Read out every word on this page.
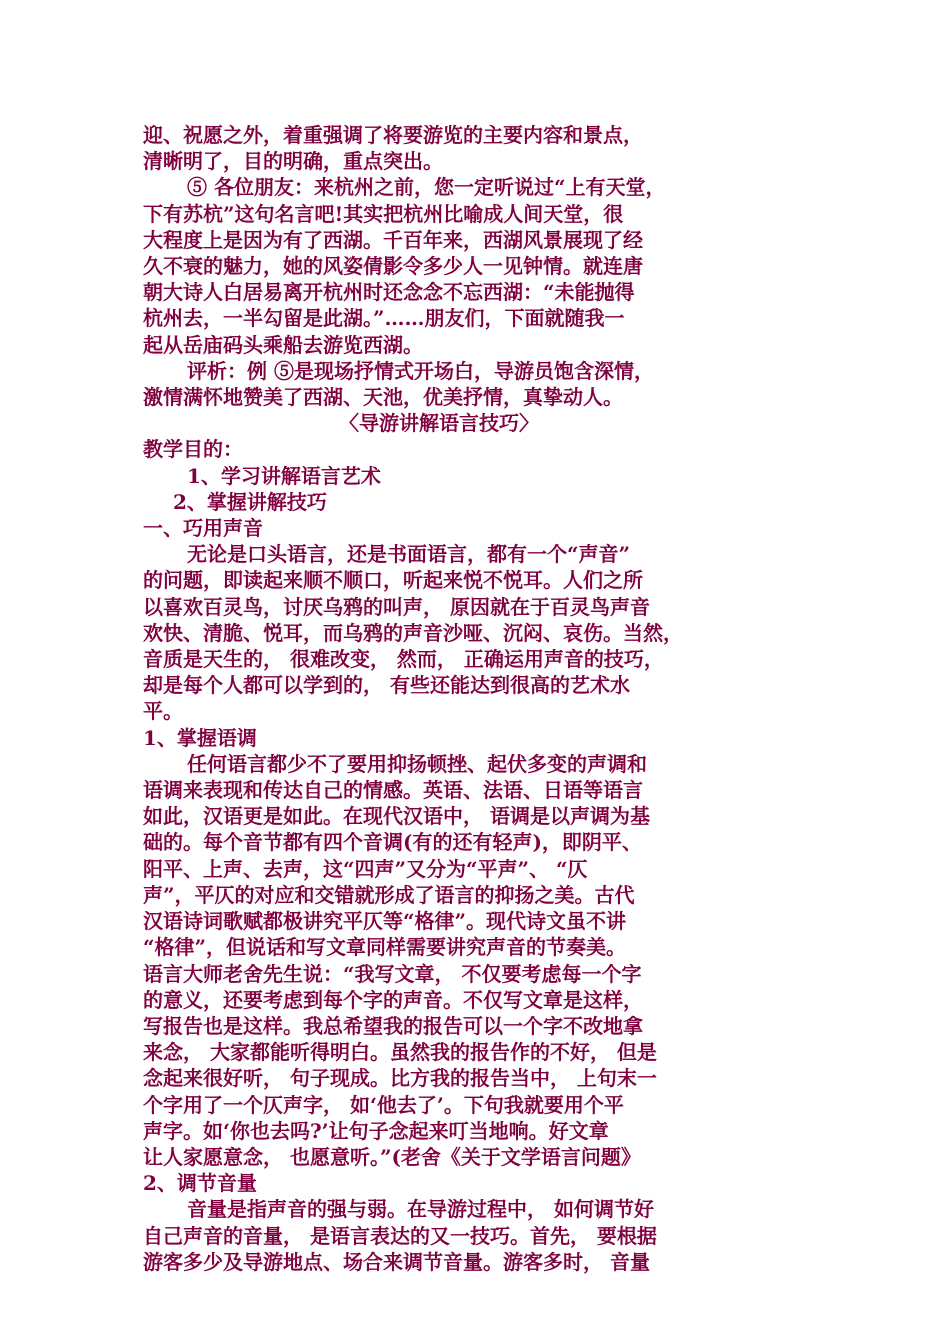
迎、祝愿之外，着重强调了将要游览的主要内容和景点，
清晰明了，目的明确，重点突出。
⑤ 各位朋友：来杭州之前，您一定听说过“上有天堂，
下有苏杭”这句名言吧!其实把杭州比喻成人间天堂，很
大程度上是因为有了西湖。千百年来，西湖风景展现了经
久不衰的魅力，她的风姿倩影令多少人一见钟情。就连唐
朝大诗人白居易离开杭州时还念念不忘西湖：“未能抛得
杭州去，一半勾留是此湖。”……朋友们，下面就随我一
起从岳庙码头乘船去游览西湖。
评析：例 ⑤是现场抒情式开场白，导游员饱含深情，
激情满怀地赞美了西湖、天池，优美抒情，真挚动人。
〈导游讲解语言技巧〉
教学目的：
1、学习讲解语言艺术
2、掌握讲解技巧
一、巧用声音
无论是口头语言，还是书面语言，都有一个“声音”
的问题，即读起来顺不顺口，听起来悦不悦耳。人们之所
以喜欢百灵鸟，讨厌乌鸦的叫声， 原因就在于百灵鸟声音
欢快、清脆、悦耳，而乌鸦的声音沙哑、沉闷、哀伤。当然，
音质是天生的， 很难改变， 然而， 正确运用声音的技巧，
却是每个人都可以学到的， 有些还能达到很高的艺术水
平。
1、掌握语调
任何语言都少不了要用抑扬顿挫、起伏多变的声调和
语调来表现和传达自己的情感。英语、法语、日语等语言
如此，汉语更是如此。在现代汉语中， 语调是以声调为基
础的。每个音节都有四个音调(有的还有轻声)，即阴平、
阳平、上声、去声，这“四声”又分为“平声”、 “仄
声”，平仄的对应和交错就形成了语言的抑扬之美。古代
汉语诗词歌赋都极讲究平仄等“格律”。现代诗文虽不讲
“格律”，但说话和写文章同样需要讲究声音的节奏美。
语言大师老舍先生说：“我写文章， 不仅要考虑每一个字
的意义，还要考虑到每个字的声音。不仅写文章是这样，
写报告也是这样。我总希望我的报告可以一个字不改地拿
来念， 大家都能听得明白。虽然我的报告作的不好， 但是
念起来很好听， 句子现成。比方我的报告当中， 上句末一
个字用了一个仄声字， 如‘他去了’。下句我就要用个平
声字。如‘你也去吗?’让句子念起来叮当地响。好文章
让人家愿意念， 也愿意听。”(老舍《关于文学语言问题》
2、调节音量
音量是指声音的强与弱。在导游过程中， 如何调节好
自己声音的音量， 是语言表达的又一技巧。首先， 要根据
游客多少及导游地点、场合来调节音量。游客多时， 音量
